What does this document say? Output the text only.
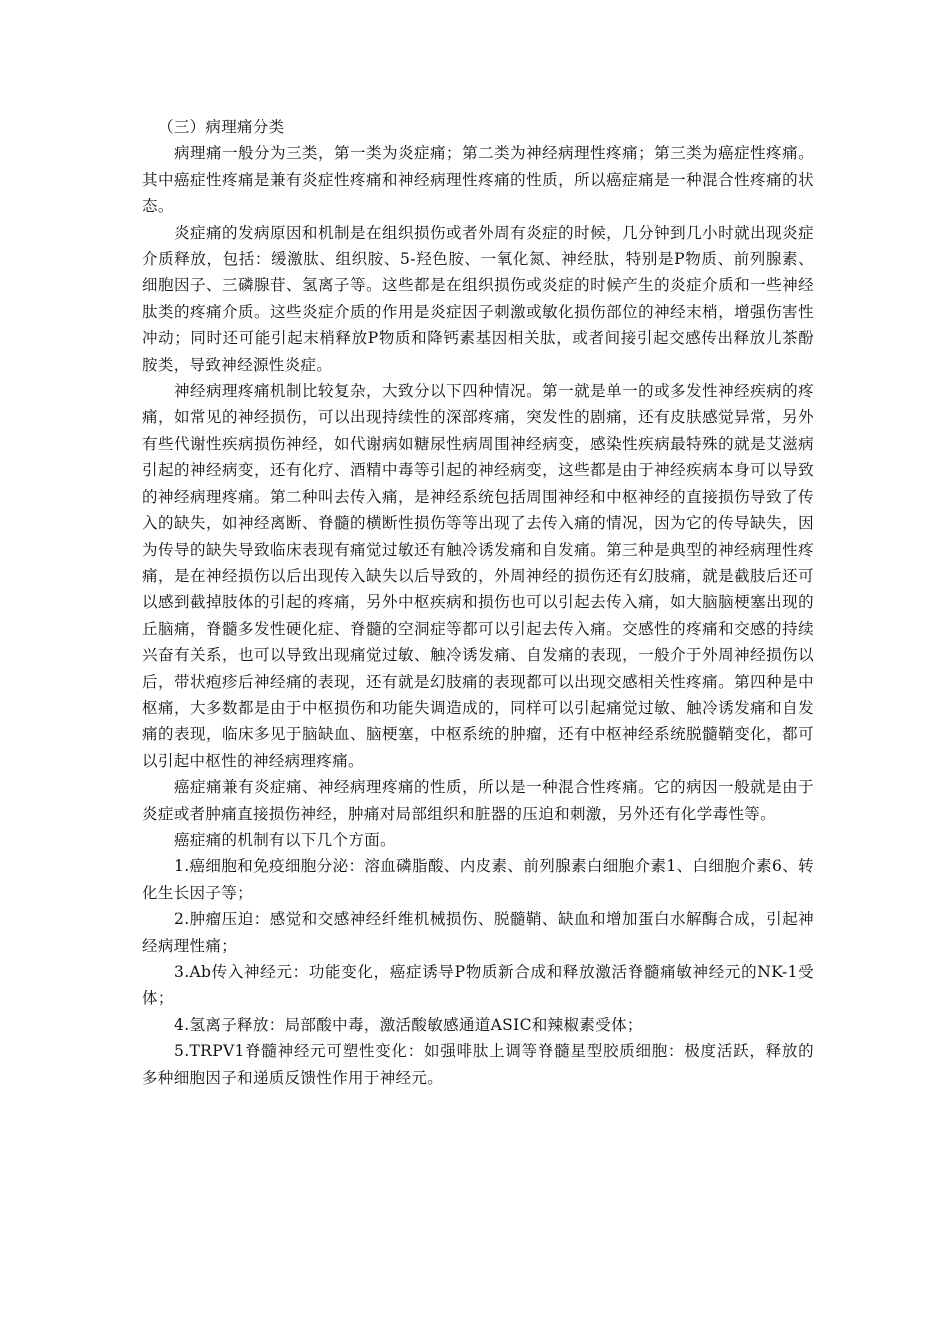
（三）病理痛分类

病理痛一般分为三类，第一类为炎症痛；第二类为神经病理性疼痛；第三类为癌症性疼痛。其中癌症性疼痛是兼有炎症性疼痛和神经病理性疼痛的性质，所以癌症痛是一种混合性疼痛的状态。

炎症痛的发病原因和机制是在组织损伤或者外周有炎症的时候，几分钟到几小时就出现炎症介质释放，包括：缓激肽、组织胺、5-羟色胺、一氧化氮、神经肽，特别是P物质、前列腺素、细胞因子、三磷腺苷、氢离子等。这些都是在组织损伤或炎症的时候产生的炎症介质和一些神经肽类的疼痛介质。这些炎症介质的作用是炎症因子刺激或敏化损伤部位的神经末梢，增强伤害性冲动；同时还可能引起末梢释放P物质和降钙素基因相关肽，或者间接引起交感传出释放儿茶酚胺类，导致神经源性炎症。

神经病理疼痛机制比较复杂，大致分以下四种情况。第一就是单一的或多发性神经疾病的疼痛，如常见的神经损伤，可以出现持续性的深部疼痛，突发性的剧痛，还有皮肤感觉异常，另外有些代谢性疾病损伤神经，如代谢病如糖尿性病周围神经病变，感染性疾病最特殊的就是艾滋病引起的神经病变，还有化疗、酒精中毒等引起的神经病变，这些都是由于神经疾病本身可以导致的神经病理疼痛。第二种叫去传入痛，是神经系统包括周围神经和中枢神经的直接损伤导致了传入的缺失，如神经离断、脊髓的横断性损伤等等出现了去传入痛的情况，因为它的传导缺失，因为传导的缺失导致临床表现有痛觉过敏还有触冷诱发痛和自发痛。第三种是典型的神经病理性疼痛，是在神经损伤以后出现传入缺失以后导致的，外周神经的损伤还有幻肢痛，就是截肢后还可以感到截掉肢体的引起的疼痛，另外中枢疾病和损伤也可以引起去传入痛，如大脑脑梗塞出现的丘脑痛，脊髓多发性硬化症、脊髓的空洞症等都可以引起去传入痛。交感性的疼痛和交感的持续兴奋有关系，也可以导致出现痛觉过敏、触冷诱发痛、自发痛的表现，一般介于外周神经损伤以后，带状疱疹后神经痛的表现，还有就是幻肢痛的表现都可以出现交感相关性疼痛。第四种是中枢痛，大多数都是由于中枢损伤和功能失调造成的，同样可以引起痛觉过敏、触冷诱发痛和自发痛的表现，临床多见于脑缺血、脑梗塞，中枢系统的肿瘤，还有中枢神经系统脱髓鞘变化，都可以引起中枢性的神经病理疼痛。

癌症痛兼有炎症痛、神经病理疼痛的性质，所以是一种混合性疼痛。它的病因一般就是由于炎症或者肿痛直接损伤神经，肿痛对局部组织和脏器的压迫和刺激，另外还有化学毒性等。

癌症痛的机制有以下几个方面。

1.癌细胞和免疫细胞分泌：溶血磷脂酸、内皮素、前列腺素白细胞介素1、白细胞介素6、转化生长因子等；

2.肿瘤压迫：感觉和交感神经纤维机械损伤、脱髓鞘、缺血和增加蛋白水解酶合成，引起神经病理性痛；

3.Ab传入神经元：功能变化，癌症诱导P物质新合成和释放激活脊髓痛敏神经元的NK-1受体；

4.氢离子释放：局部酸中毒，激活酸敏感通道ASIC和辣椒素受体；

5.TRPV1脊髓神经元可塑性变化：如强啡肽上调等脊髓星型胶质细胞：极度活跃，释放的多种细胞因子和递质反馈性作用于神经元。
